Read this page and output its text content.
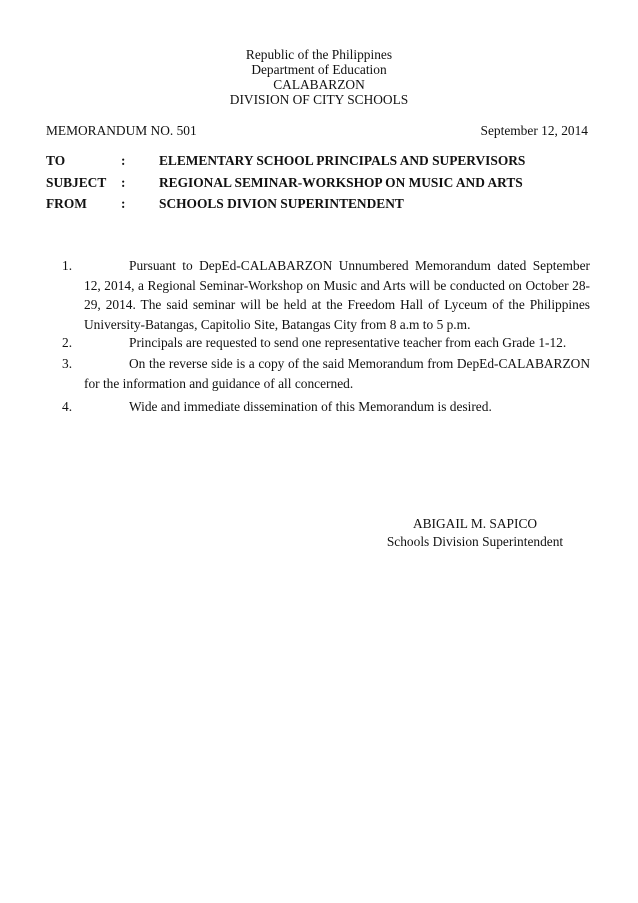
Republic of the Philippines
Department of Education
CALABARZON
DIVISION OF CITY SCHOOLS
MEMORANDUM NO. 501	September 12, 2014
TO	:	ELEMENTARY SCHOOL PRINCIPALS AND SUPERVISORS
SUBJECT :	REGIONAL SEMINAR-WORKSHOP ON MUSIC AND ARTS
FROM	:	SCHOOLS DIVION SUPERINTENDENT
1.	Pursuant to DepEd-CALABARZON Unnumbered Memorandum dated September 12, 2014, a Regional Seminar-Workshop on Music and Arts will be conducted on October 28-29, 2014. The said seminar will be held at the Freedom Hall of Lyceum of the Philippines University-Batangas, Capitolio Site, Batangas City from 8 a.m to 5 p.m.
2.	Principals are requested to send one representative teacher from each Grade 1-12.
3.	On the reverse side is a copy of the said Memorandum from DepEd-CALABARZON for the information and guidance of all concerned.
4.	Wide and immediate dissemination of this Memorandum is desired.
ABIGAIL M. SAPICO
Schools Division Superintendent
